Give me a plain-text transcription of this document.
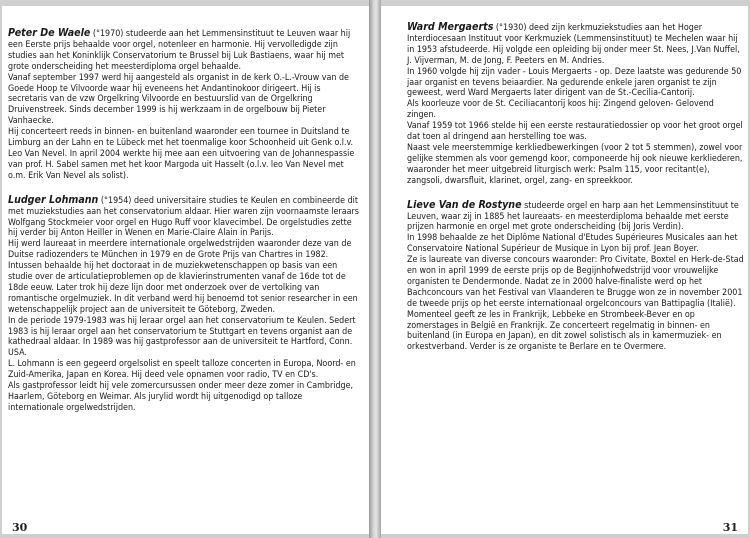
Peter De Waele (°1970) studeerde aan het Lemmensinstituut te Leuven waar hij een Eerste prijs behaalde voor orgel, notenleer en harmonie. Hij vervolledigde zijn studies aan het Koninklijk Conservatorium te Brussel bij Luk Bastiaens, waar hij met grote onderscheiding het meesterdiploma orgel behaalde.

Vanaf september 1997 werd hij aangesteld als organist in de kerk O.-L.-Vrouw van de Goede Hoop te Vilvoorde waar hij eveneens het Andantinokoor dirigeert. Hij is secretaris van de vzw Orgelkring Vilvoorde en bestuurslid van de Orgelkring Druivenstreek. Sinds december 1999 is hij werkzaam in de orgelbouw bij Pieter Vanhaecke.

Hij concerteert reeds in binnen- en buitenland waaronder een tournee in Duitsland te Limburg an der Lahn en te Lübeck met het toenmalige koor Schoonheid uit Genk o.l.v. Leo Van Nevel. In april 2004 werkte hij mee aan een uitvoering van de Johannespassie van prof. H. Sabel samen met het koor Margoda uit Hasselt (o.l.v. leo Van Nevel met o.m. Erik Van Nevel als solist).

Ludger Lohmann (°1954) deed universitaire studies te Keulen en combineerde dit met muziekstudies aan het conservatorium aldaar. Hier waren zijn voornaamste leraars Wolfgang Stockmeier voor orgel en Hugo Ruff voor klavecimbel. De orgelstudies zette hij verder bij Anton Heiller in Wenen en Marie-Claire Alain in Parijs.

Hij werd laureaat in meerdere internationale orgelwedstrijden waaronder deze van de Duitse radiozenders te München in 1979 en de Grote Prijs van Chartres in 1982.

Intussen behaalde hij het doctoraat in de muziekwetenschappen op basis van een studie over de articulatieproblemen op de klavierinstrumenten vanaf de 16de tot de 18de eeuw. Later trok hij deze lijn door met onderzoek over de vertolking van romantische orgelmuziek. In dit verband werd hij benoemd tot senior researcher in een wetenschappelijk project aan de universiteit te Göteborg, Zweden.

In de periode 1979-1983 was hij leraar orgel aan het conservatorium te Keulen. Sedert 1983 is hij leraar orgel aan het conservatorium te Stuttgart en tevens organist aan de kathedraal aldaar. In 1989 was hij gastprofessor aan de universiteit te Hartford, Conn. USA.

L. Lohmann is een gegeerd orgelsolist en speelt talloze concerten in Europa, Noord- en Zuid-Amerika, Japan en Korea. Hij deed vele opnamen voor radio, TV en CD's.

Als gastprofessor leidt hij vele zomercursussen onder meer deze zomer in Cambridge, Haarlem, Göteborg en Weimar. Als jurylid wordt hij uitgenodigd op talloze internationale orgelwedstrijden.

30

Ward Mergaerts (°1930) deed zijn kerkmuziekstudies aan het Hoger Interdiocesaan Instituut voor Kerkmuziek (Lemmensinstituut) te Mechelen waar hij in 1953 afstudeerde. Hij volgde een opleiding bij onder meer St. Nees, J.Van Nuffel, J. Vijverman, M. de Jong, F. Peeters en M. Andries.

In 1960 volgde hij zijn vader - Louis Mergaerts - op. Deze laatste was gedurende 50 jaar organist en tevens beiaardier. Na gedurende enkele jaren organist te zijn geweest, werd Ward Mergaerts later dirigent van de St.-Cecilia-Cantorij.

Als koorleuze voor de St. Ceciliacantorij koos hij: Zingend geloven- Gelovend zingen.

Vanaf 1959 tot 1966 stelde hij een eerste restauratiedossier op voor het groot orgel dat toen al dringend aan herstelling toe was.

Naast vele meerstemmige kerkliedbewerkingen (voor 2 tot 5 stemmen), zowel voor gelijke stemmen als voor gemengd koor, componeerde hij ook nieuwe kerkliederen, waaronder het meer uitgebreid liturgisch werk: Psalm 115, voor recitant(e), zangsoli, dwarsfluit, klarinet, orgel, zang- en spreekkoor.

Lieve Van de Rostyne studeerde orgel en harp aan het Lemmensinstituut te Leuven, waar zij in 1885 het laureaats- en meesterdiploma behaalde met eerste prijzen harmonie en orgel met grote onderscheiding (bij Joris Verdin).

In 1998 behaalde ze het Diplôme National d'Etudes Supérieures Musicales aan het Conservatoire National Supérieur de Musique in Lyon bij prof. Jean Boyer.

Ze is laureate van diverse concours waaronder: Pro Civitate, Boxtel en Herk-de-Stad en won in april 1999 de eerste prijs op de Begijnhofwedstrijd voor vrouwelijke organisten te Dendermonde. Nadat ze in 2000 halve-finaliste werd op het Bachconcours van het Festival van Vlaanderen te Brugge won ze in november 2001 de tweede prijs op het eerste internationaal orgelconcours van Battipaglia (Italië).

Momenteel geeft ze les in Frankrijk, Lebbeke en Strombeek-Bever en op zomerstages in België en Frankrijk. Ze concerteert regelmatig in binnen- en buitenland (in Europa en Japan), en dit zowel solistisch als in kamermuziek- en orkestverband. Verder is ze organiste te Berlare en te Overmere.

31
